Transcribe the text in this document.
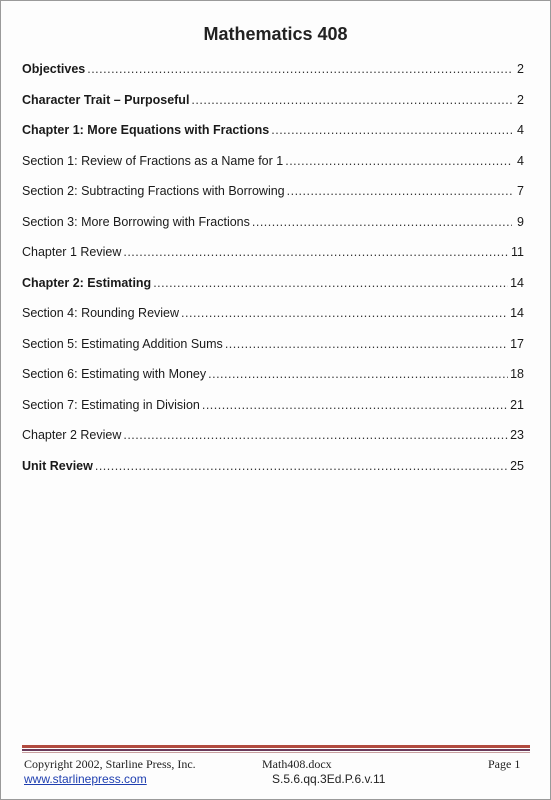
Mathematics 408
Objectives .....	2
Character Trait – Purposeful .....	2
Chapter 1: More Equations with Fractions .....	4
Section 1: Review of Fractions as a Name for 1 .....	4
Section 2: Subtracting Fractions with Borrowing .....	7
Section 3: More Borrowing with Fractions .....	9
Chapter 1 Review .....	11
Chapter 2: Estimating .....	14
Section 4: Rounding Review .....	14
Section 5: Estimating Addition Sums .....	17
Section 6: Estimating with Money .....	18
Section 7: Estimating in Division .....	21
Chapter 2 Review .....	23
Unit Review .....	25
Copyright 2002, Starline Press, Inc.
www.starlinepress.com
Math408.docx
S.5.6.qq.3Ed.P.6.v.11
Page 1
